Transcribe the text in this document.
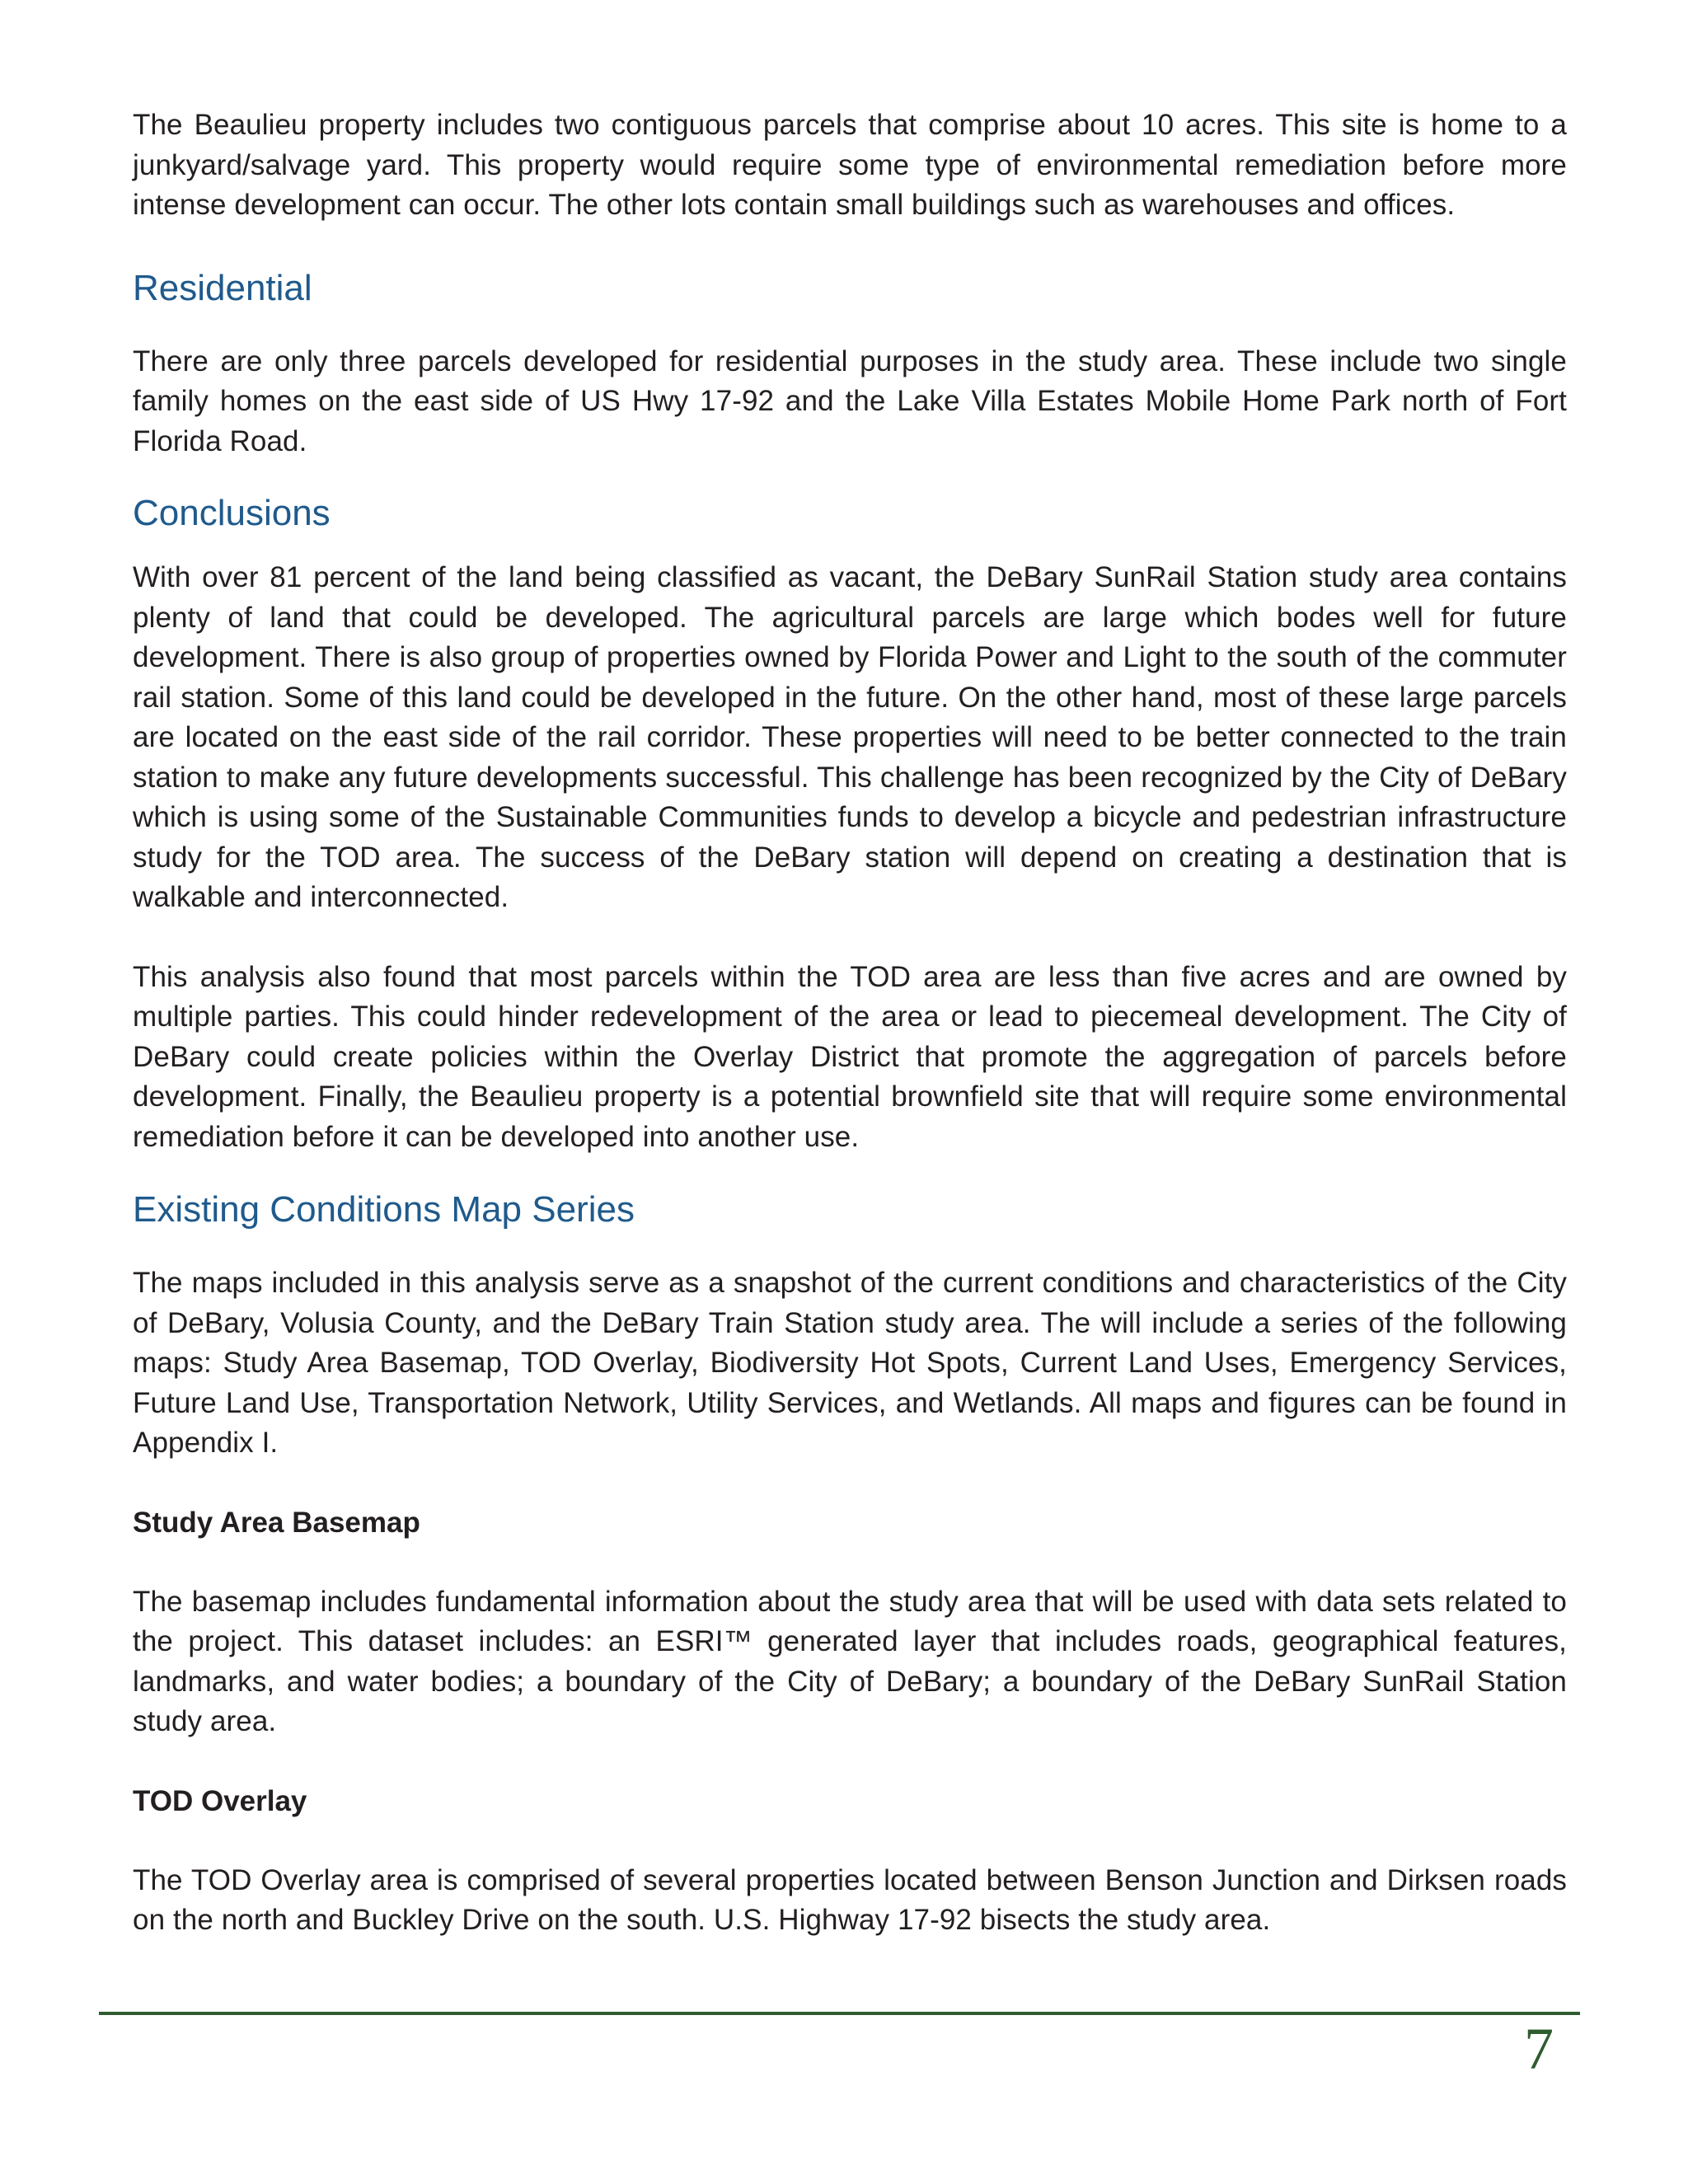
The Beaulieu property includes two contiguous parcels that comprise about 10 acres. This site is home to a junkyard/salvage yard. This property would require some type of environmental remediation before more intense development can occur. The other lots contain small buildings such as warehouses and offices.

Residential

There are only three parcels developed for residential purposes in the study area. These include two single family homes on the east side of US Hwy 17-92 and the Lake Villa Estates Mobile Home Park north of Fort Florida Road.

Conclusions

With over 81 percent of the land being classified as vacant, the DeBary SunRail Station study area contains plenty of land that could be developed. The agricultural parcels are large which bodes well for future development. There is also group of properties owned by Florida Power and Light to the south of the commuter rail station. Some of this land could be developed in the future. On the other hand, most of these large parcels are located on the east side of the rail corridor. These properties will need to be better connected to the train station to make any future developments successful. This challenge has been recognized by the City of DeBary which is using some of the Sustainable Communities funds to develop a bicycle and pedestrian infrastructure study for the TOD area. The success of the DeBary station will depend on creating a destination that is walkable and interconnected.

This analysis also found that most parcels within the TOD area are less than five acres and are owned by multiple parties. This could hinder redevelopment of the area or lead to piecemeal development. The City of DeBary could create policies within the Overlay District that promote the aggregation of parcels before development. Finally, the Beaulieu property is a potential brownfield site that will require some environmental remediation before it can be developed into another use.

Existing Conditions Map Series

The maps included in this analysis serve as a snapshot of the current conditions and characteristics of the City of DeBary, Volusia County, and the DeBary Train Station study area. The will include a series of the following maps: Study Area Basemap, TOD Overlay, Biodiversity Hot Spots, Current Land Uses, Emergency Services, Future Land Use, Transportation Network, Utility Services, and Wetlands. All maps and figures can be found in Appendix I.

Study Area Basemap

The basemap includes fundamental information about the study area that will be used with data sets related to the project. This dataset includes: an ESRI™ generated layer that includes roads, geographical features, landmarks, and water bodies; a boundary of the City of DeBary; a boundary of the DeBary SunRail Station study area.

TOD Overlay

The TOD Overlay area is comprised of several properties located between Benson Junction and Dirksen roads on the north and Buckley Drive on the south. U.S. Highway 17-92 bisects the study area.

7
